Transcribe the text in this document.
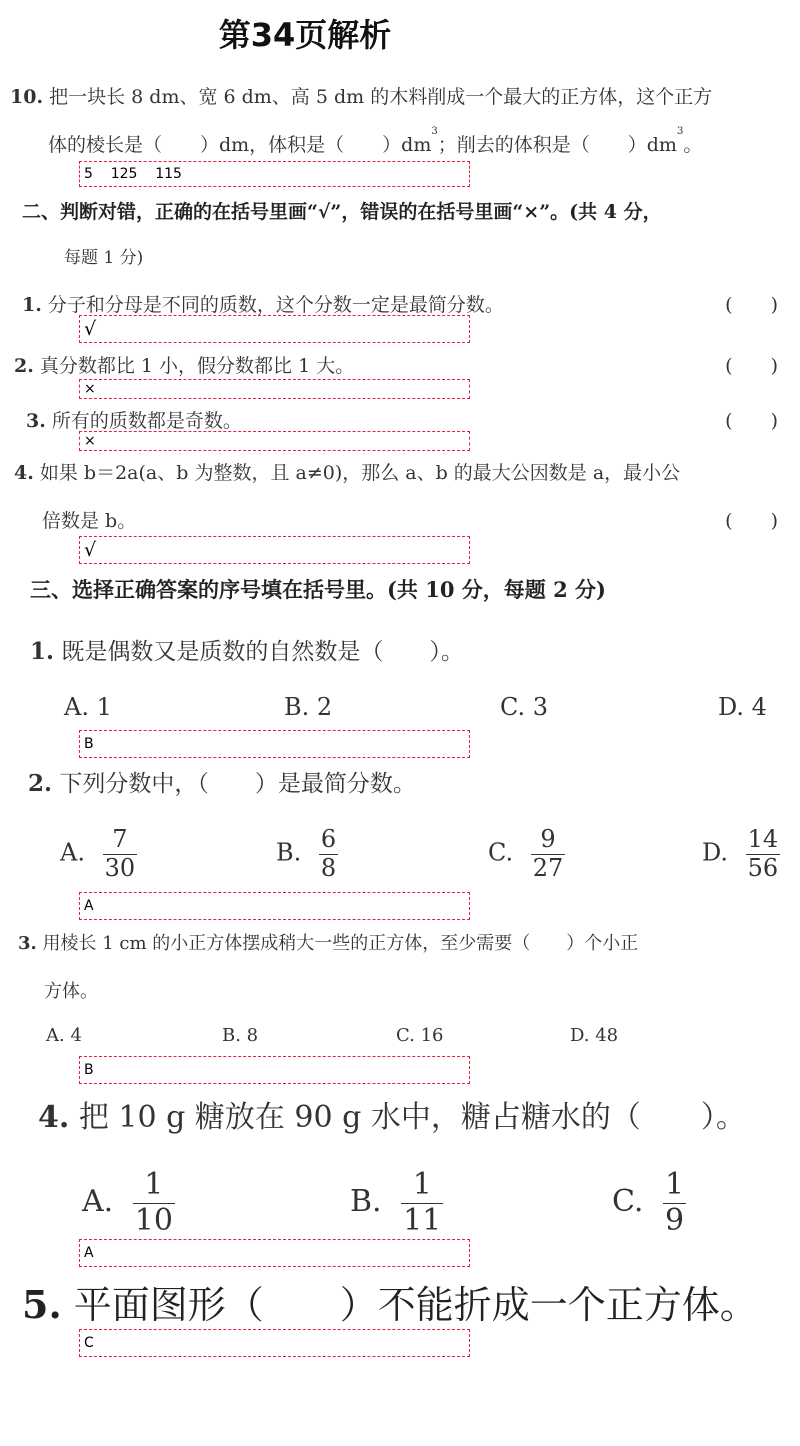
第34页解析
10. 把一块长 8 dm、宽 6 dm、高 5 dm 的木料削成一个最大的正方体，这个正方
体的棱长是（　　）dm，体积是（　　）$dm^3$；削去的体积是（　　）$dm^3$。
5    125    115
二、判断对错，正确的在括号里画“√”，错误的在括号里画“×”。(共 4 分，
每题 1 分)
1. 分子和分母是不同的质数，这个分数一定是最简分数。	(　　)
√
2. 真分数都比 1 小，假分数都比 1 大。	(　　)
×
3. 所有的质数都是奇数。	(　　)
×
4. 如果 b＝2a(a、b 为整数，且 a≠0)，那么 a、b 的最大公因数是 a，最小公
倍数是 b。	(　　)
√
三、选择正确答案的序号填在括号里。(共 10 分，每题 2 分)
1. 既是偶数又是质数的自然数是（　　）。
A. 1	B. 2	C. 3	D. 4
B
2. 下列分数中，（　　）是最简分数。
A. $\frac{7}{30}$	B. $\frac{6}{8}$	C. $\frac{9}{27}$	D. $\frac{14}{56}$
A
3. 用棱长 1 cm 的小正方体摆成稍大一些的正方体，至少需要（　　）个小正
方体。
A. 4	B. 8	C. 16	D. 48
B
4. 把 10 g 糖放在 90 g 水中，糖占糖水的（　　）。
A. $\frac{1}{10}$	B. $\frac{1}{11}$	C. $\frac{1}{9}$
A
5. 平面图形（　　）不能折成一个正方体。
C
